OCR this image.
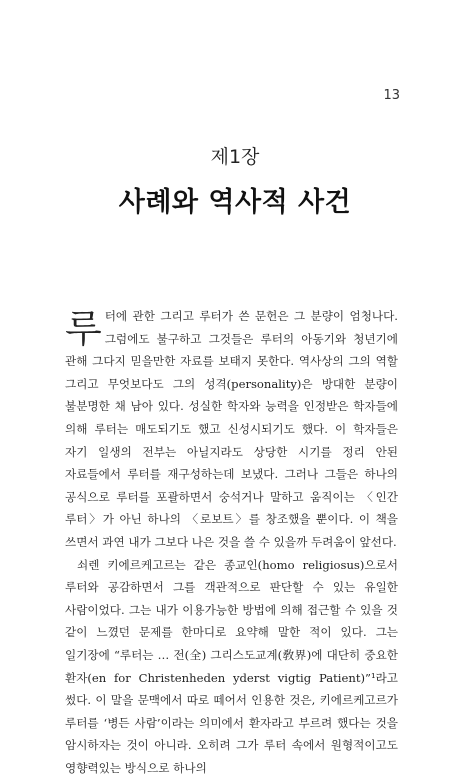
13
제1장
사례와 역사적 사건

루터에 관한 그리고 루터가 쓴 문헌은 그 분량이 엄청나다. 그럼에도 불구하고 그것들은 루터의 아동기와 청년기에 관해 그다지 믿을만한 자료를 보태지 못한다. 역사상의 그의 역할 그리고 무엇보다도 그의 성격(personality)은 방대한 분량이 불분명한 채 남아 있다. 성실한 학자와 능력을 인정받은 학자들에 의해 루터는 매도되기도 했고 신성시되기도 했다. 이 학자들은 자기 일생의 전부는 아닐지라도 상당한 시기를 정리 안된 자료들에서 루터를 재구성하는데 보냈다. 그러나 그들은 하나의 공식으로 루터를 포괄하면서 숭석거나 말하고 움직이는 〈인간 루터〉가 아닌 하나의 〈로보트〉를 창조했을 뿐이다. 이 책을 쓰면서 과연 내가 그보다 나은 것을 쓸 수 있을까 두려움이 앞선다.

쇠렌 키에르케고르는 같은 종교인(homo religiosus)으로서 루터와 공감하면서 그를 객관적으로 판단할 수 있는 유일한 사람이었다. 그는 내가 이용가능한 방법에 의해 접근할 수 있을 것 같이 느꼈던 문제를 한마디로 요약해 말한 적이 있다. 그는 일기장에 “루터는 … 전(全) 그리스도교계(敎界)에 대단히 중요한 환자(en for Christenheden yderst vigtig Patient)”¹라고 썼다. 이 말을 문맥에서 따로 떼어서 인용한 것은, 키에르케고르가 루터를 ‘병든 사람’이라는 의미에서 환자라고 부르려 했다는 것을 암시하자는 것이 아니라. 오히려 그가 루터 속에서 원형적이고도 영향력있는 방식으로 하나의
